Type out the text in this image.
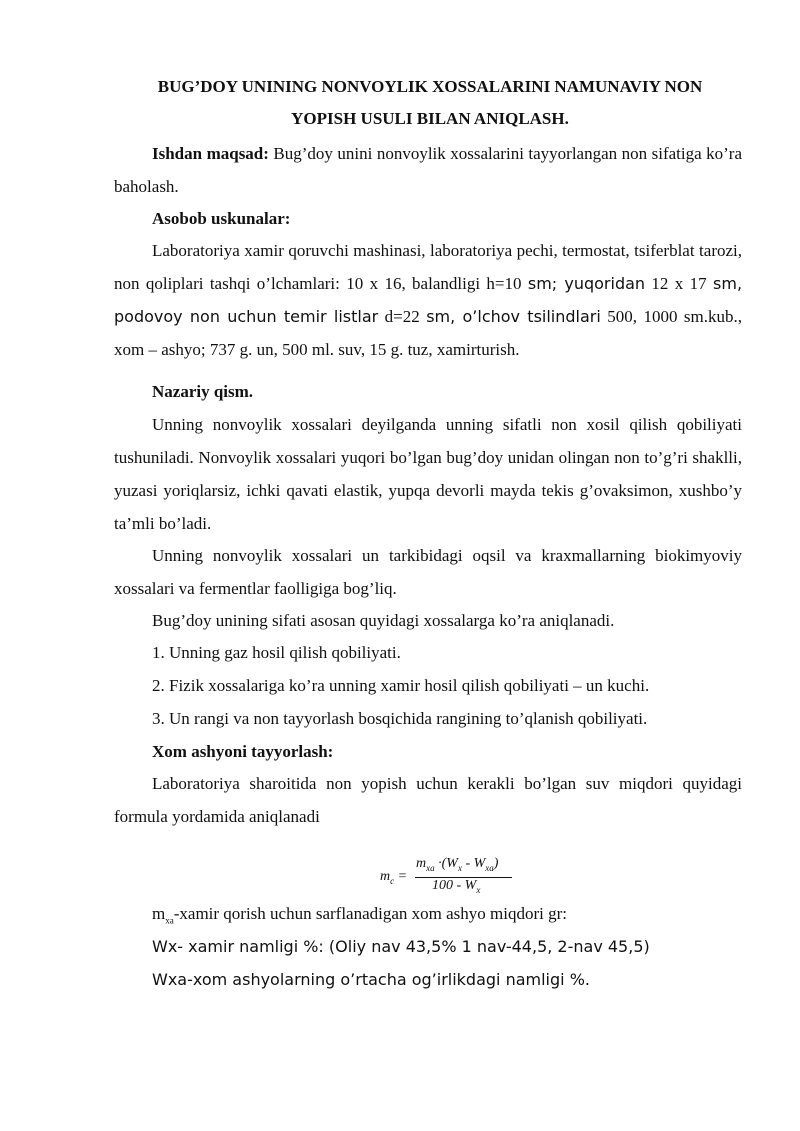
BUG’DOY UNINING NONVOYLIK XOSSALARINI NAMUNAVIY NON
YOPISH USULI BILAN ANIQLASH.
Ishdan maqsad: Bug’doy unini nonvoylik xossalarini tayyorlangan non sifatiga ko’ra baholash.
Asobob uskunalar:
Laboratoriya xamir qoruvchi mashinasi, laboratoriya pechi, termostat, tsiferblat tarozi, non qoliplari tashqi o’lchamlari: 10 x 16, balandligi h=10 sm; yuqoridan 12 x 17 sm, podovoy non uchun temir listlar d=22 sm, o’lchov tsilindlari 500, 1000 sm.kub., xom – ashyo; 737 g. un, 500 ml. suv, 15 g. tuz, xamirturish.
Nazariy qism.
Unning nonvoylik xossalari deyilganda unning sifatli non xosil qilish qobiliyati tushuniladi. Nonvoylik xossalari yuqori bo’lgan bug’doy unidan olingan non to’g’ri shaklli, yuzasi yoriqlarsiz, ichki qavati elastik, yupqa devorli mayda tekis g’ovaksimon, xushbo’y ta’mli bo’ladi.
Unning nonvoylik xossalari un tarkibidagi oqsil va kraxmallarning biokimyoviy xossalari va fermentlar faolligiga bog’liq.
Bug’doy unining sifati asosan quyidagi xossalarga ko’ra aniqlanadi.
1. Unning gaz hosil qilish qobiliyati.
2. Fizik xossalariga ko’ra unning xamir hosil qilish qobiliyati – un kuchi.
3. Un rangi va non tayyorlash bosqichida rangining to’qlanish qobiliyati.
Xom ashyoni tayyorlash:
Laboratoriya sharoitida non yopish uchun kerakli bo’lgan suv miqdori quyidagi formula yordamida aniqlanadi
$m_c$ =
$m_{xa} \cdot(W_x - W_{xa})$
$100 - W_x$
$m_{xa}$-xamir qorish uchun sarflanadigan xom ashyo miqdori gr:
Wx- xamir namligi %: (Oliy nav 43,5% 1 nav-44,5, 2-nav 45,5)
Wxa-xom ashyolarning o’rtacha og’irlikdagi namligi %.
